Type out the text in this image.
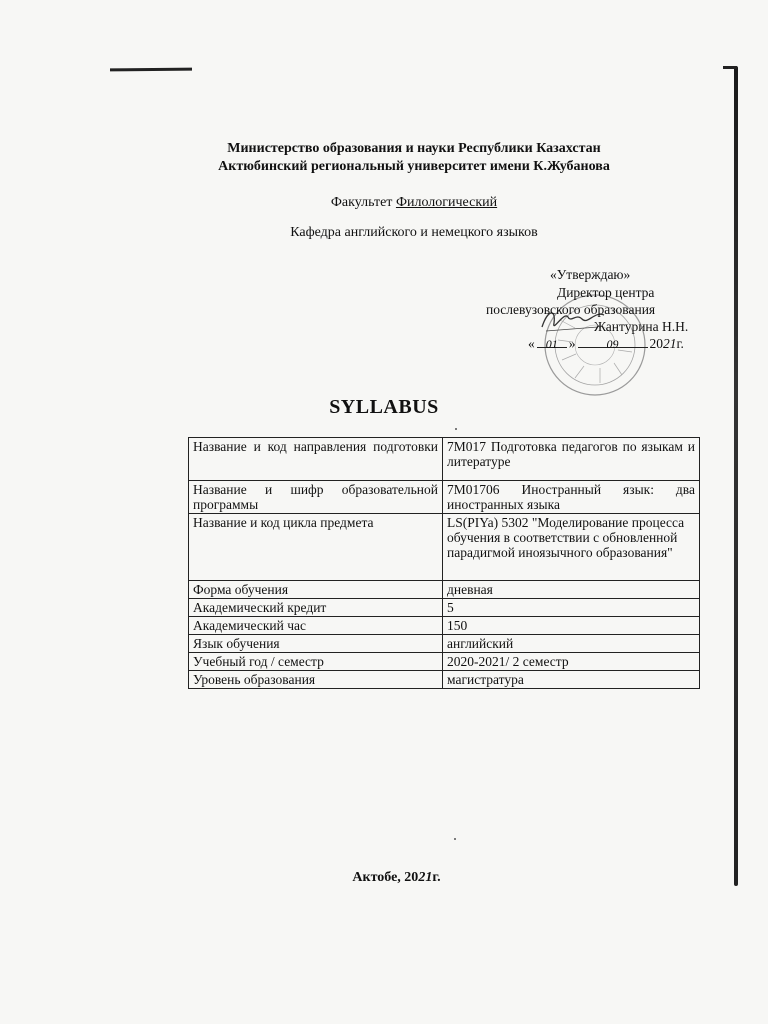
Министерство образования и науки Республики Казахстан
Актюбинский региональный университет имени К.Жубанова
Факультет Филологический
Кафедра английского и немецкого языков
«Утверждаю»
Директор центра
послевузовского образования
Жантурина Н.Н.
« 01 »	09 2021г.
SYLLABUS
Название и код направления подготовки	7M017 Подготовка педагогов по языкам и литературе
Название и шифр образовательной программы	7M01706 Иностранный язык: два иностранных языка
Название и код цикла предмета	LS(PIYa) 5302 "Моделирование процесса обучения в соответствии с обновленной парадигмой иноязычного образования"
Форма обучения	дневная
Академический кредит	5
Академический час	150
Язык обучения	английский
Учебный год / семестр	2020-2021/ 2 семестр
Уровень образования	магистратура
Актобе, 2021г.
